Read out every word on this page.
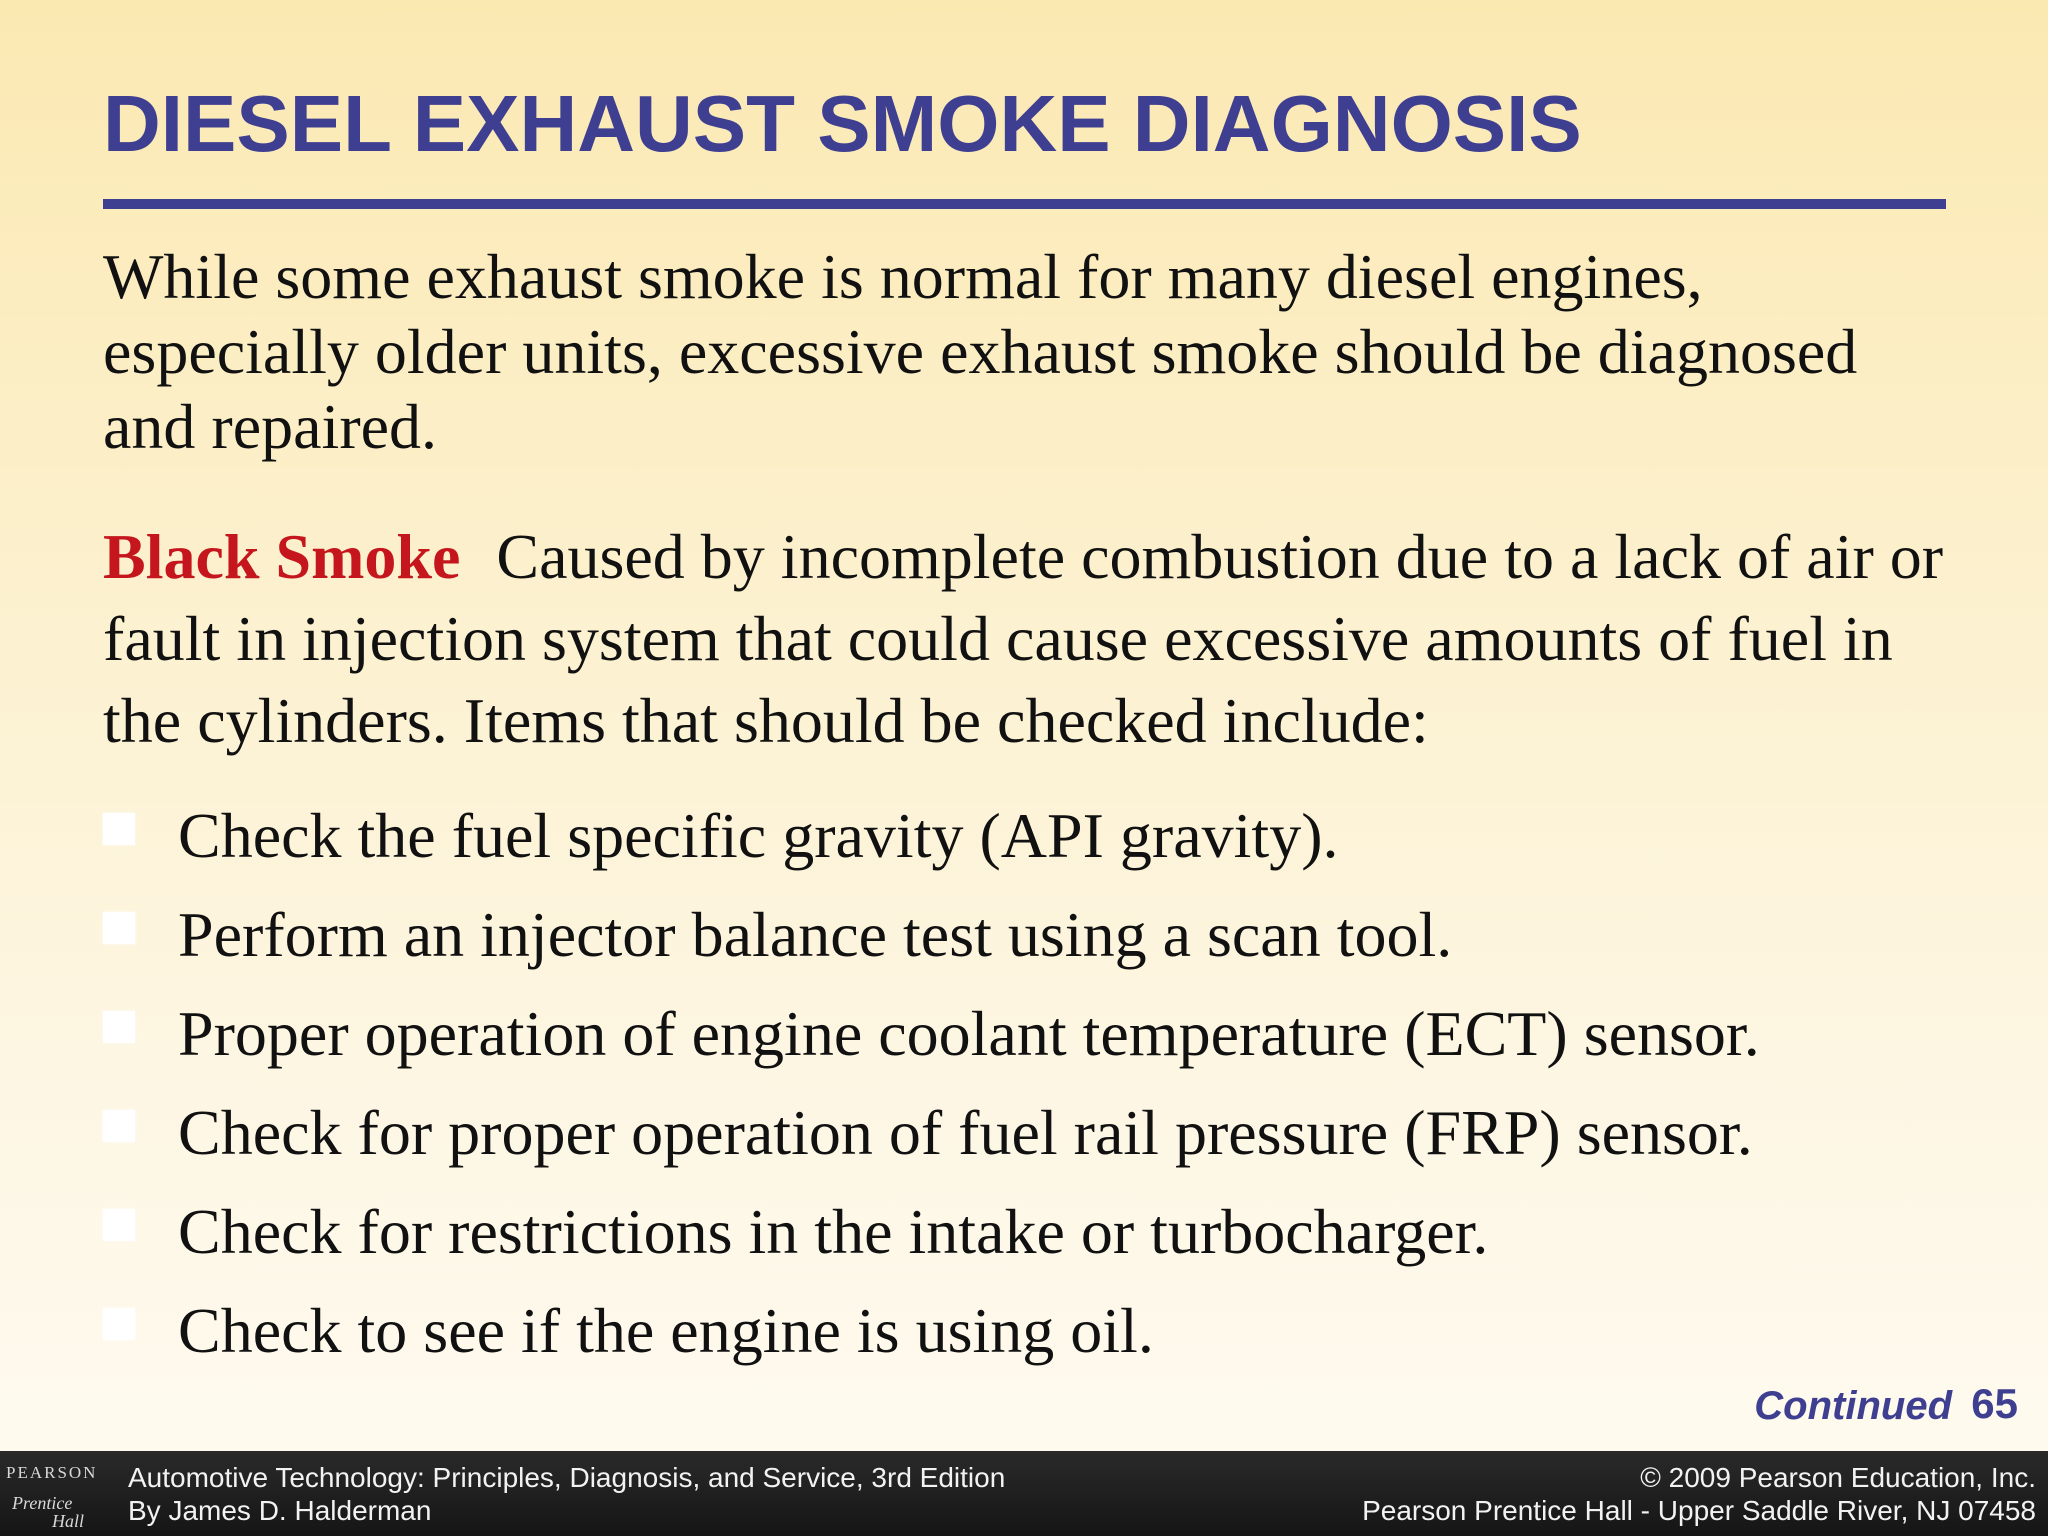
DIESEL EXHAUST SMOKE DIAGNOSIS

While some exhaust smoke is normal for many diesel engines, especially older units, excessive exhaust smoke should be diagnosed and repaired.

Black Smoke Caused by incomplete combustion due to a lack of air or fault in injection system that could cause excessive amounts of fuel in the cylinders. Items that should be checked include:

Check the fuel specific gravity (API gravity).
Perform an injector balance test using a scan tool.
Proper operation of engine coolant temperature (ECT) sensor.
Check for proper operation of fuel rail pressure (FRP) sensor.
Check for restrictions in the intake or turbocharger.
Check to see if the engine is using oil.
Continued 65
PEARSON
Prentice
Hall
Automotive Technology: Principles, Diagnosis, and Service, 3rd Edition
By James D. Halderman
© 2009 Pearson Education, Inc.
Pearson Prentice Hall - Upper Saddle River, NJ 07458
